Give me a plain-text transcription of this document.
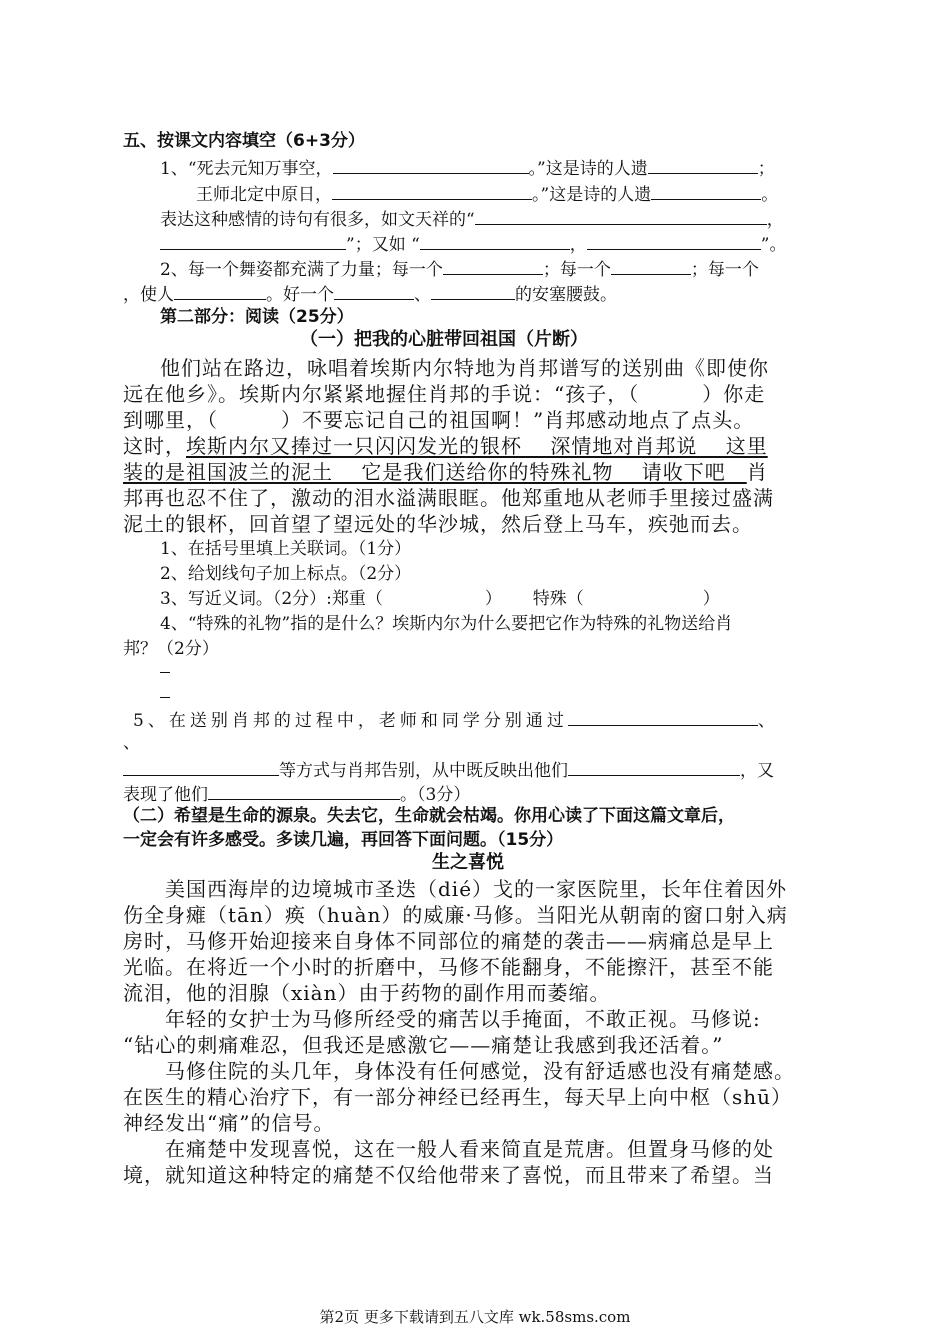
五、按课文内容填空（6+3分）
1、“死去元知万事空，	。”这是诗的人遗	；
王师北定中原日，	。”这是诗的人遗	。
表达这种感情的诗句有很多，如文天祥的“	，
”；又如 “	，	”。
2、每一个舞姿都充满了力量；每一个	；每一个	；每一个
，使人	。好一个	、	的安塞腰鼓。
第二部分：阅读（25分）
（一）把我的心脏带回祖国（片断）
他们站在路边，咏唱着埃斯内尔特地为肖邦谱写的送别曲《即使你
远在他乡》。埃斯内尔紧紧地握住肖邦的手说：“孩子，（　　　）你走
到哪里，（　　　）不要忘记自己的祖国啊！”肖邦感动地点了点头。
这时，埃斯内尔又捧过一只闪闪发光的银杯　 深情地对肖邦说　 这里
装的是祖国波兰的泥土　 它是我们送给你的特殊礼物　 请收下吧　肖
邦再也忍不住了，激动的泪水溢满眼眶。他郑重地从老师手里接过盛满
泥土的银杯，回首望了望远处的华沙城，然后登上马车，疾弛而去。
1、在括号里填上关联词。（1分）
2、给划线句子加上标点。（2分）
3、写近义词。（2分）:郑重（　　　　　　）　　 特殊（　　　　　　　）
4、“特殊的礼物”指的是什么？埃斯内尔为什么要把它作为特殊的礼物送给肖
邦？（2分）
5、在送别肖邦的过程中，老师和同学分别通过	、
、
等方式与肖邦告别，从中既反映出他们	，又
表现了他们	。（3分）
（二）希望是生命的源泉。失去它，生命就会枯竭。你用心读了下面这篇文章后，
一定会有许多感受。多读几遍，再回答下面问题。（15分）
生之喜悦
　　美国西海岸的边境城市圣迭（dié）戈的一家医院里，长年住着因外
伤全身瘫（tān）痪（huàn）的威廉·马修。当阳光从朝南的窗口射入病
房时，马修开始迎接来自身体不同部位的痛楚的袭击——病痛总是早上
光临。在将近一个小时的折磨中，马修不能翻身，不能擦汗，甚至不能
流泪，他的泪腺（xiàn）由于药物的副作用而萎缩。
　　年轻的女护士为马修所经受的痛苦以手掩面，不敢正视。马修说:
“钻心的刺痛难忍，但我还是感激它——痛楚让我感到我还活着。”
　　马修住院的头几年，身体没有任何感觉，没有舒适感也没有痛楚感。
在医生的精心治疗下，有一部分神经已经再生，每天早上向中枢（shū）
神经发出“痛”的信号。
　　在痛楚中发现喜悦，这在一般人看来简直是荒唐。但置身马修的处
境，就知道这种特定的痛楚不仅给他带来了喜悦，而且带来了希望。当
第2页 更多下载请到五八文库 wk.58sms.com
